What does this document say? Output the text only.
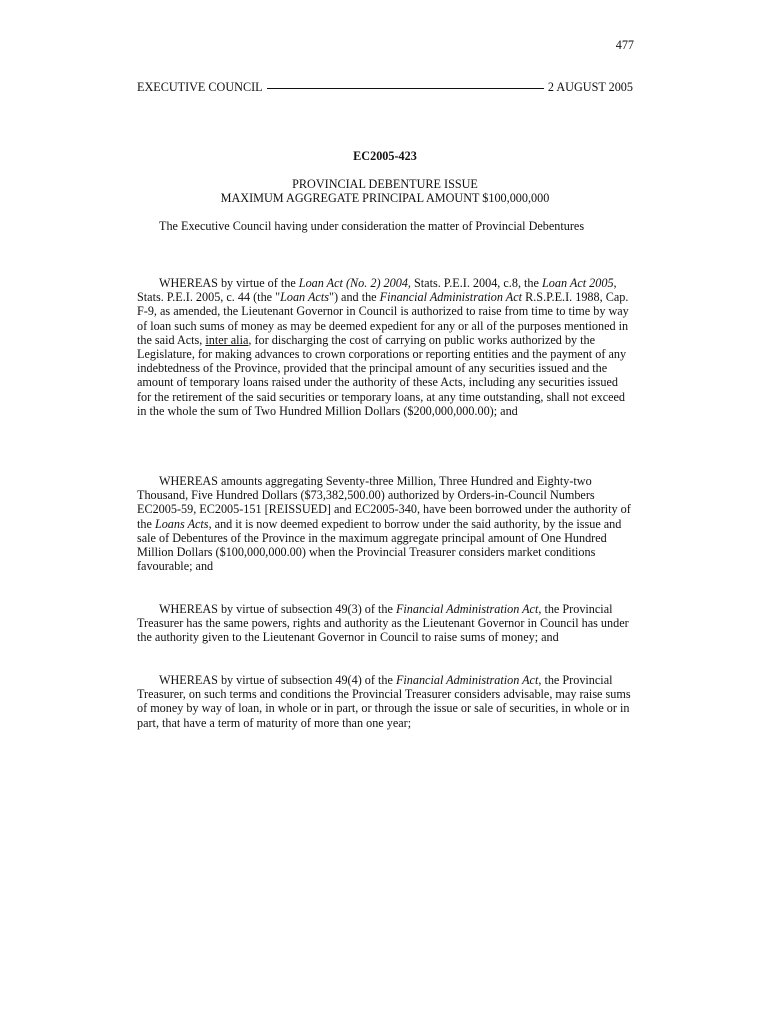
477
EXECUTIVE COUNCIL	2 AUGUST 2005
EC2005-423
PROVINCIAL DEBENTURE ISSUE
MAXIMUM AGGREGATE PRINCIPAL AMOUNT $100,000,000

The Executive Council having under consideration the matter of Provincial Debentures

WHEREAS by virtue of the Loan Act (No. 2) 2004, Stats. P.E.I. 2004, c.8, the Loan Act 2005, Stats. P.E.I. 2005, c. 44 (the "Loan Acts") and the Financial Administration Act R.S.P.E.I. 1988, Cap. F-9, as amended, the Lieutenant Governor in Council is authorized to raise from time to time by way of loan such sums of money as may be deemed expedient for any or all of the purposes mentioned in the said Acts, inter alia, for discharging the cost of carrying on public works authorized by the Legislature, for making advances to crown corporations or reporting entities and the payment of any indebtedness of the Province, provided that the principal amount of any securities issued and the amount of temporary loans raised under the authority of these Acts, including any securities issued for the retirement of the said securities or temporary loans, at any time outstanding, shall not exceed in the whole the sum of Two Hundred Million Dollars ($200,000,000.00); and

WHEREAS amounts aggregating Seventy-three Million, Three Hundred and Eighty-two Thousand, Five Hundred Dollars ($73,382,500.00) authorized by Orders-in-Council Numbers EC2005-59, EC2005-151 [REISSUED] and EC2005-340, have been borrowed under the authority of the Loans Acts, and it is now deemed expedient to borrow under the said authority, by the issue and sale of Debentures of the Province in the maximum aggregate principal amount of One Hundred Million Dollars ($100,000,000.00) when the Provincial Treasurer considers market conditions favourable; and

WHEREAS by virtue of subsection 49(3) of the Financial Administration Act, the Provincial Treasurer has the same powers, rights and authority as the Lieutenant Governor in Council has under the authority given to the Lieutenant Governor in Council to raise sums of money; and

WHEREAS by virtue of subsection 49(4) of the Financial Administration Act, the Provincial Treasurer, on such terms and conditions the Provincial Treasurer considers advisable, may raise sums of money by way of loan, in whole or in part, or through the issue or sale of securities, in whole or in part, that have a term of maturity of more than one year;
